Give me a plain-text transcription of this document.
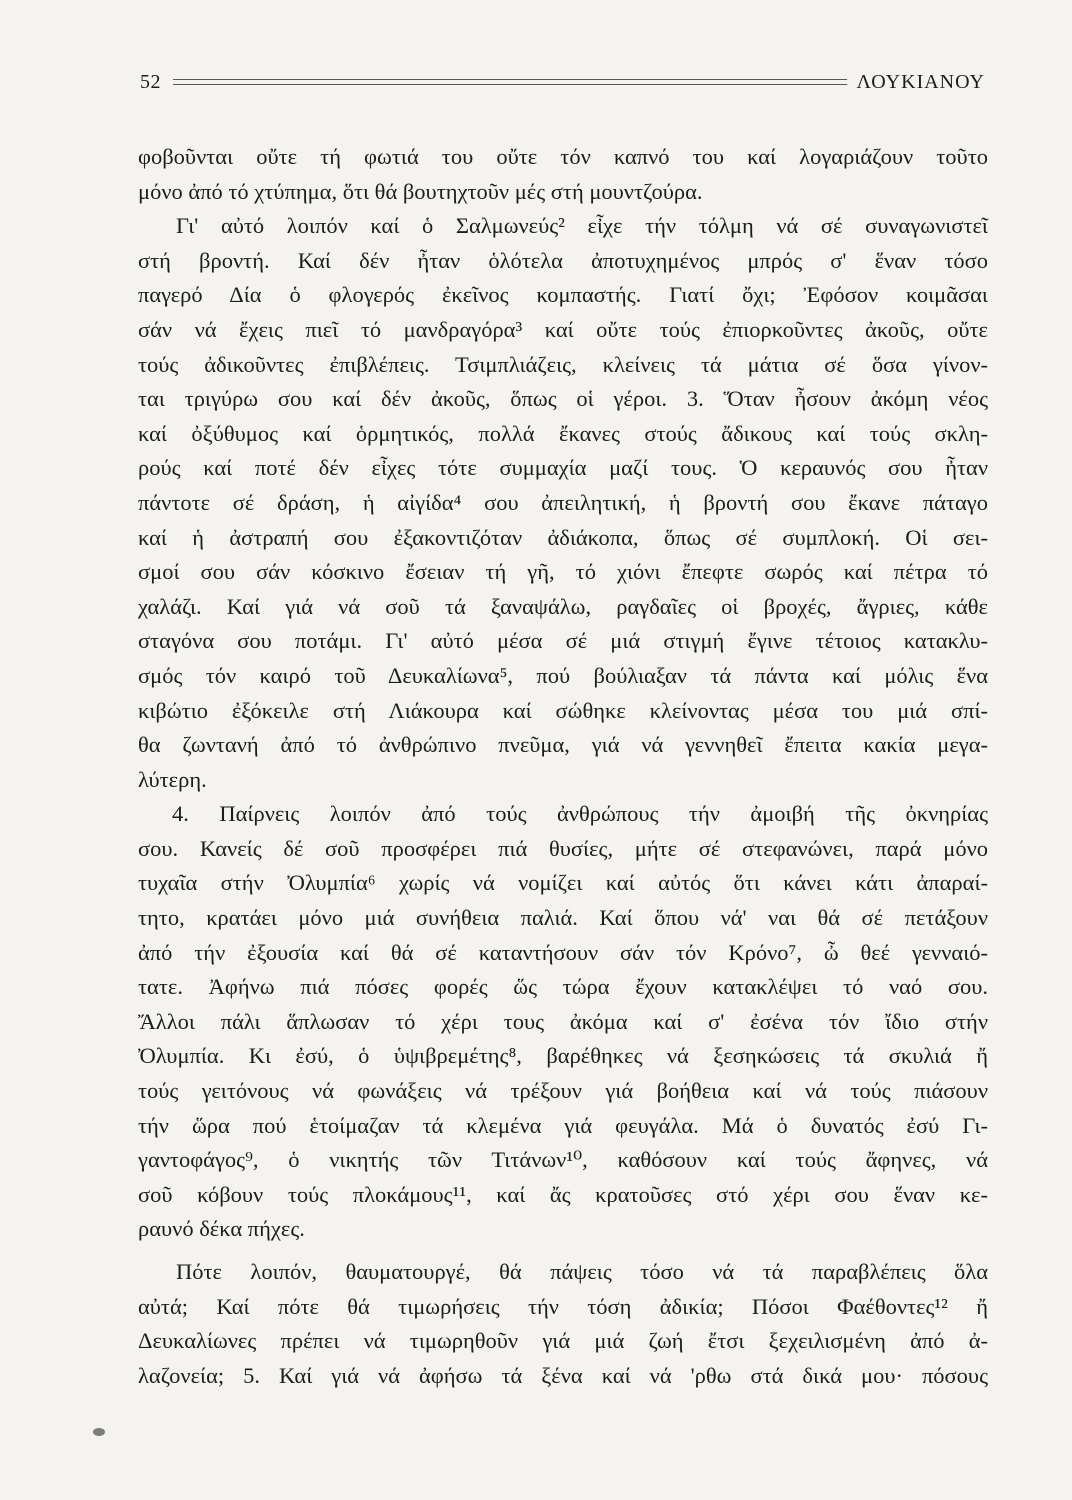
52	ΛΟΥΚΙΑΝΟΥ
φοβοῦνται οὔτε τή φωτιά του οὔτε τόν καπνό του καί λογαριάζουν τοῦτο
μόνο ἀπό τό χτύπημα, ὅτι θά βουτηχτοῦν μές στή μουντζούρα.
Γι' αὐτό λοιπόν καί ὁ Σαλμωνεύς² εἶχε τήν τόλμη νά σέ συναγωνιστεῖ
στή βροντή. Καί δέν ἦταν ὁλότελα ἀποτυχημένος μπρός σ' ἕναν τόσο
παγερό Δία ὁ φλογερός ἐκεῖνος κομπαστής. Γιατί ὄχι; Ἐφόσον κοιμᾶσαι
σάν νά ἔχεις πιεῖ τό μανδραγόρα³ καί οὔτε τούς ἐπιορκοῦντες ἀκοῦς, οὔτε
τούς ἀδικοῦντες ἐπιβλέπεις. Τσιμπλιάζεις, κλείνεις τά μάτια σέ ὅσα γίνον-
ται τριγύρω σου καί δέν ἀκοῦς, ὅπως οἱ γέροι. 3. Ὅταν ἦσουν ἀκόμη νέος
καί ὀξύθυμος καί ὁρμητικός, πολλά ἔκανες στούς ἄδικους καί τούς σκλη-
ρούς καί ποτέ δέν εἶχες τότε συμμαχία μαζί τους. Ὁ κεραυνός σου ἦταν
πάντοτε σέ δράση, ἡ αἰγίδα⁴ σου ἀπειλητική, ἡ βροντή σου ἔκανε πάταγο
καί ἡ ἀστραπή σου ἐξακοντιζόταν ἀδιάκοπα, ὅπως σέ συμπλοκή. Οἱ σει-
σμοί σου σάν κόσκινο ἔσειαν τή γῆ, τό χιόνι ἔπεφτε σωρός καί πέτρα τό
χαλάζι. Καί γιά νά σοῦ τά ξαναψάλω, ραγδαῖες οἱ βροχές, ἄγριες, κάθε
σταγόνα σου ποτάμι. Γι' αὐτό μέσα σέ μιά στιγμή ἔγινε τέτοιος κατακλυ-
σμός τόν καιρό τοῦ Δευκαλίωνα⁵, πού βούλιαξαν τά πάντα καί μόλις ἕνα
κιβώτιο ἐξόκειλε στή Λιάκουρα καί σώθηκε κλείνοντας μέσα του μιά σπί-
θα ζωντανή ἀπό τό ἀνθρώπινο πνεῦμα, γιά νά γεννηθεῖ ἔπειτα κακία μεγα-
λύτερη.
4. Παίρνεις λοιπόν ἀπό τούς ἀνθρώπους τήν ἀμοιβή τῆς ὀκνηρίας
σου. Κανείς δέ σοῦ προσφέρει πιά θυσίες, μήτε σέ στεφανώνει, παρά μόνο
τυχαῖα στήν Ὀλυμπία⁶ χωρίς νά νομίζει καί αὐτός ὅτι κάνει κάτι ἀπαραί-
τητο, κρατάει μόνο μιά συνήθεια παλιά. Καί ὅπου νά' ναι θά σέ πετάξουν
ἀπό τήν ἐξουσία καί θά σέ καταντήσουν σάν τόν Κρόνο⁷, ὦ θεέ γενναιό-
τατε. Ἀφήνω πιά πόσες φορές ὥς τώρα ἔχουν κατακλέψει τό ναό σου.
Ἄλλοι πάλι ἅπλωσαν τό χέρι τους ἀκόμα καί σ' ἐσένα τόν ἴδιο στήν
Ὀλυμπία. Κι ἐσύ, ὁ ὑψιβρεμέτης⁸, βαρέθηκες νά ξεσηκώσεις τά σκυλιά ἤ
τούς γειτόνους νά φωνάξεις νά τρέξουν γιά βοήθεια καί νά τούς πιάσουν
τήν ὥρα πού ἑτοίμαζαν τά κλεμένα γιά φευγάλα. Μά ὁ δυνατός ἐσύ Γι-
γαντοφάγος⁹, ὁ νικητής τῶν Τιτάνων¹⁰, καθόσουν καί τούς ἄφηνες, νά
σοῦ κόβουν τούς πλοκάμους¹¹, καί ἄς κρατοῦσες στό χέρι σου ἕναν κε-
ραυνό δέκα πήχες.
Πότε λοιπόν, θαυματουργέ, θά πάψεις τόσο νά τά παραβλέπεις ὅλα
αὐτά; Καί πότε θά τιμωρήσεις τήν τόση ἀδικία; Πόσοι Φαέθοντες¹² ἤ
Δευκαλίωνες πρέπει νά τιμωρηθοῦν γιά μιά ζωή ἔτσι ξεχειλισμένη ἀπό ἀ-
λαζονεία; 5. Καί γιά νά ἀφήσω τά ξένα καί νά 'ρθω στά δικά μου· πόσους
